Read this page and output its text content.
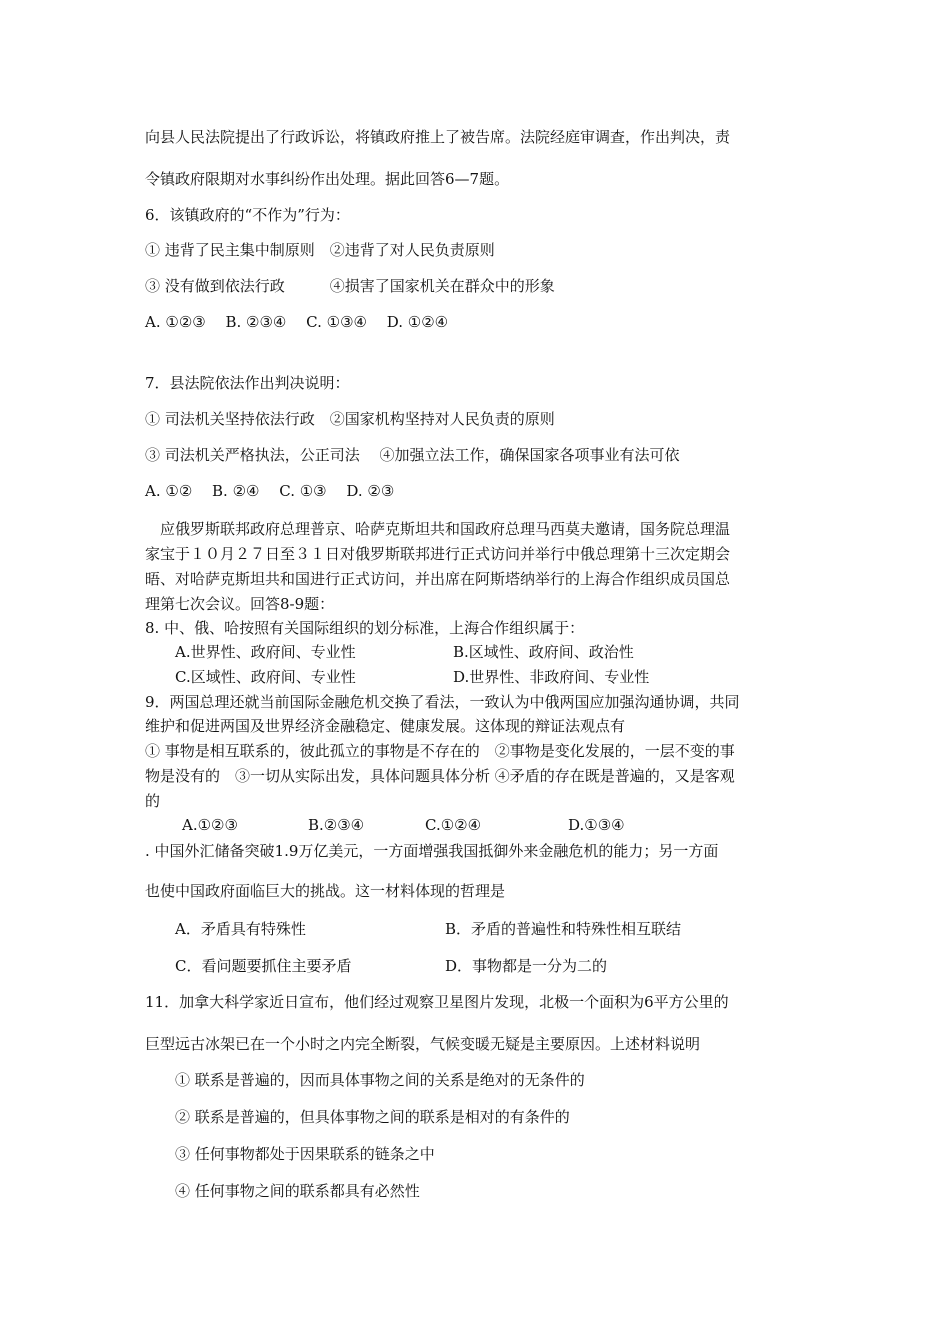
向县人民法院提出了行政诉讼，将镇政府推上了被告席。法院经庭审调查，作出判决，责
令镇政府限期对水事纠纷作出处理。据此回答6—7题。
6．该镇政府的“不作为”行为：
① 违背了民主集中制原则　②违背了对人民负责原则
③ 没有做到依法行政　　　④损害了国家机关在群众中的形象
A. ①②③　 B. ②③④　 C. ①③④　 D. ①②④
7．县法院依法作出判决说明：
① 司法机关坚持依法行政　②国家机构坚持对人民负责的原则
③ 司法机关严格执法，公正司法　 ④加强立法工作，确保国家各项事业有法可依
A. ①②　 B. ②④　 C. ①③　 D. ②③
　应俄罗斯联邦政府总理普京、哈萨克斯坦共和国政府总理马西莫夫邀请，国务院总理温
家宝于１０月２７日至３１日对俄罗斯联邦进行正式访问并举行中俄总理第十三次定期会
晤、对哈萨克斯坦共和国进行正式访问，并出席在阿斯塔纳举行的上海合作组织成员国总
理第七次会议。回答8-9题：
8. 中、俄、哈按照有关国际组织的划分标准，上海合作组织属于：
A.世界性、政府间、专业性	B.区域性、政府间、政治性
C.区域性、政府间、专业性	D.世界性、非政府间、专业性
9．两国总理还就当前国际金融危机交换了看法，一致认为中俄两国应加强沟通协调，共同
维护和促进两国及世界经济金融稳定、健康发展。这体现的辩证法观点有
① 事物是相互联系的，彼此孤立的事物是不存在的　②事物是变化发展的，一层不变的事
物是没有的　③一切从实际出发，具体问题具体分析 ④矛盾的存在既是普遍的，又是客观
的
A.①②③	B.②③④	C.①②④	D.①③④
. 中国外汇储备突破1.9万亿美元，一方面增强我国抵御外来金融危机的能力；另一方面
也使中国政府面临巨大的挑战。这一材料体现的哲理是
A．矛盾具有特殊性	B．矛盾的普遍性和特殊性相互联结
C．看问题要抓住主要矛盾	D．事物都是一分为二的
11．加拿大科学家近日宣布，他们经过观察卫星图片发现，北极一个面积为6平方公里的
巨型远古冰架已在一个小时之内完全断裂，气候变暖无疑是主要原因。上述材料说明
① 联系是普遍的，因而具体事物之间的关系是绝对的无条件的
② 联系是普遍的，但具体事物之间的联系是相对的有条件的
③ 任何事物都处于因果联系的链条之中
④ 任何事物之间的联系都具有必然性
